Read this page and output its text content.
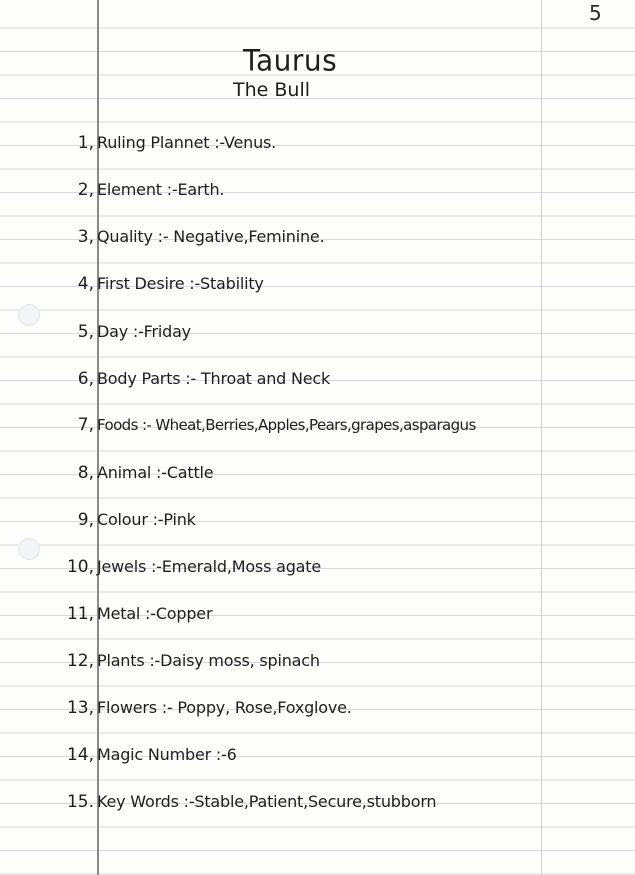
5
Taurus
The Bull
1, Ruling Plannet :-Venus.
2, Element :-Earth.
3, Quality :- Negative,Feminine.
4, First Desire :-Stability
5, Day :-Friday
6, Body Parts :- Throat and Neck
7, Foods :- Wheat,Berries,Apples,Pears,grapes,asparagus
8, Animal :-Cattle
9, Colour :-Pink
10, Jewels :-Emerald,Moss agate
11, Metal :-Copper
12, Plants :-Daisy moss, spinach
13, Flowers :- Poppy, Rose,Foxglove.
14, Magic Number :-6
15. Key Words :-Stable,Patient,Secure,stubborn
